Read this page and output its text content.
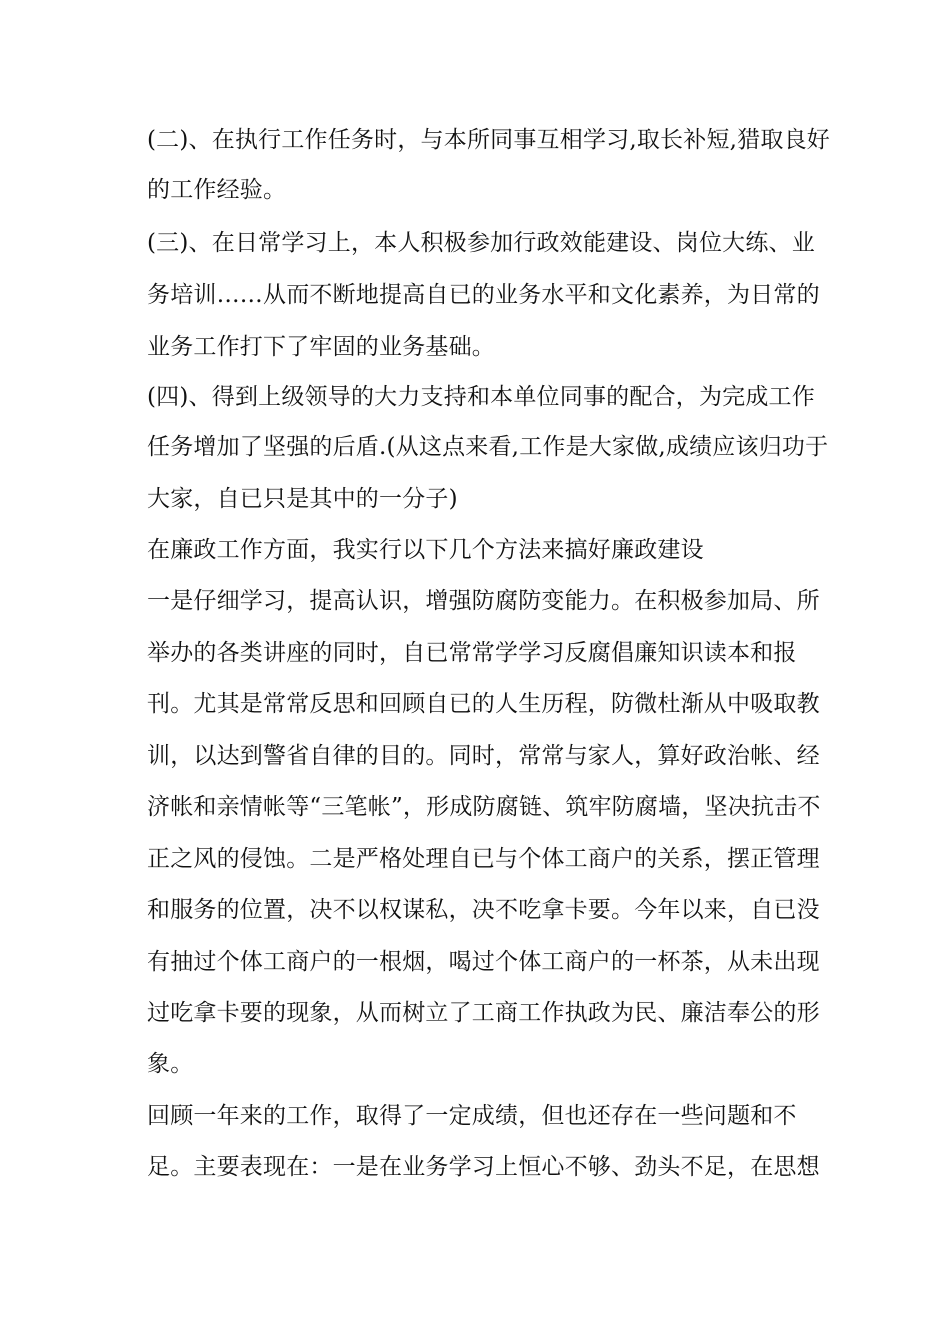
(二)、在执行工作任务时，与本所同事互相学习,取长补短,猎取良好
的工作经验。
(三)、在日常学习上，本人积极参加行政效能建设、岗位大练、业
务培训……从而不断地提高自已的业务水平和文化素养，为日常的
业务工作打下了牢固的业务基础。
(四)、得到上级领导的大力支持和本单位同事的配合，为完成工作
任务增加了坚强的后盾.(从这点来看,工作是大家做,成绩应该归功于
大家，自已只是其中的一分子)
在廉政工作方面，我实行以下几个方法来搞好廉政建设
一是仔细学习，提高认识，增强防腐防变能力。在积极参加局、所
举办的各类讲座的同时，自已常常学学习反腐倡廉知识读本和报
刊。尤其是常常反思和回顾自已的人生历程，防微杜渐从中吸取教
训，以达到警省自律的目的。同时，常常与家人，算好政治帐、经
济帐和亲情帐等“三笔帐”，形成防腐链、筑牢防腐墙，坚决抗击不
正之风的侵蚀。二是严格处理自已与个体工商户的关系，摆正管理
和服务的位置，决不以权谋私，决不吃拿卡要。今年以来，自已没
有抽过个体工商户的一根烟，喝过个体工商户的一杯茶，从未出现
过吃拿卡要的现象，从而树立了工商工作执政为民、廉洁奉公的形
象。
回顾一年来的工作，取得了一定成绩，但也还存在一些问题和不
足。主要表现在：一是在业务学习上恒心不够、劲头不足，在思想
